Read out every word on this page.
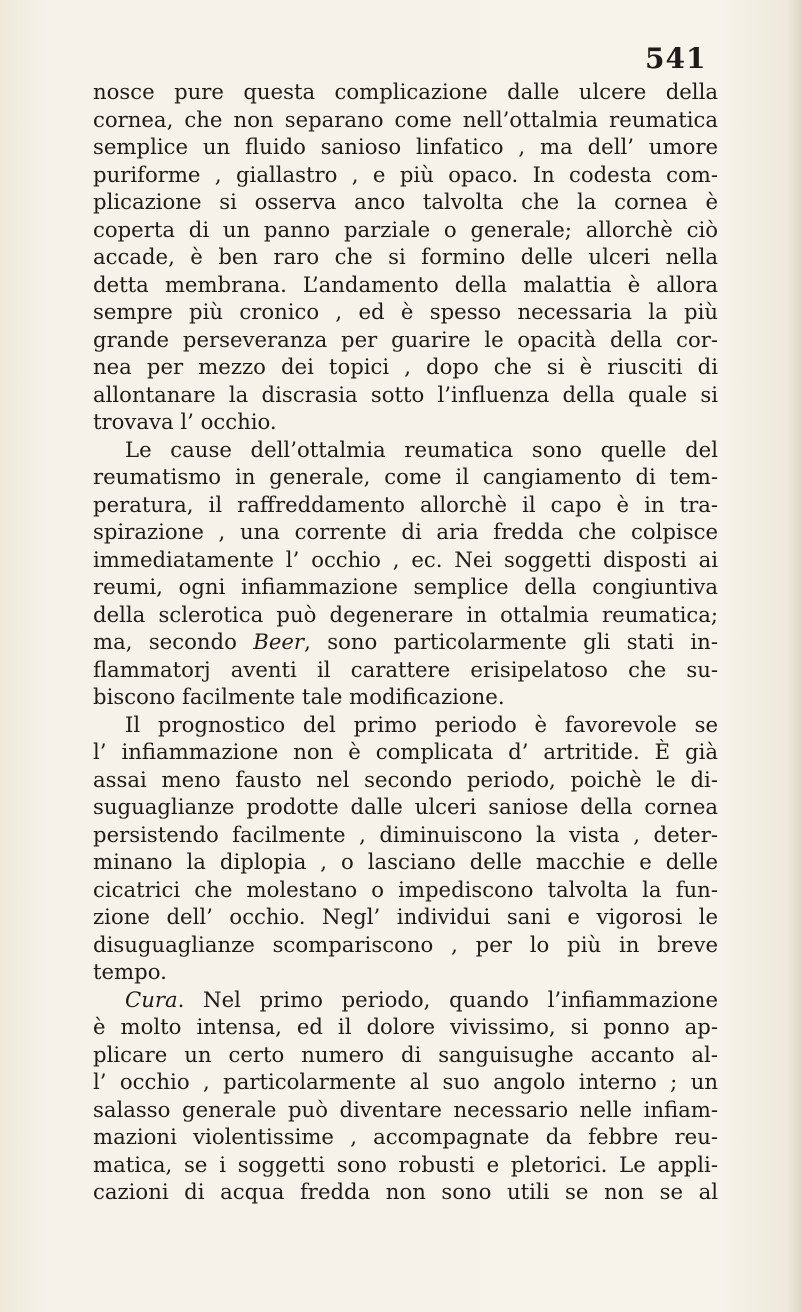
541
nosce pure questa complicazione dalle ulcere della
cornea, che non separano come nell’ottalmia reumatica
semplice un fluido sanioso linfatico , ma dell’ umore
puriforme , giallastro , e più opaco. In codesta com-
plicazione si osserva anco talvolta che la cornea è
coperta di un panno parziale o generale; allorchè ciò
accade, è ben raro che si formino delle ulceri nella
detta membrana. L’andamento della malattia è allora
sempre più cronico , ed è spesso necessaria la più
grande perseveranza per guarire le opacità della cor-
nea per mezzo dei topici , dopo che si è riusciti di
allontanare la discrasia sotto l’influenza della quale si
trovava l’ occhio.
Le cause dell’ottalmia reumatica sono quelle del
reumatismo in generale, come il cangiamento di tem-
peratura, il raffreddamento allorchè il capo è in tra-
spirazione , una corrente di aria fredda che colpisce
immediatamente l’ occhio , ec. Nei soggetti disposti ai
reumi, ogni infiammazione semplice della congiuntiva
della sclerotica può degenerare in ottalmia reumatica;
ma, secondo Beer, sono particolarmente gli stati in-
flammatorj aventi il carattere erisipelatoso che su-
biscono facilmente tale modificazione.
Il prognostico del primo periodo è favorevole se
l’ infiammazione non è complicata d’ artritide. È già
assai meno fausto nel secondo periodo, poichè le di-
suguaglianze prodotte dalle ulceri saniose della cornea
persistendo facilmente , diminuiscono la vista , deter-
minano la diplopia , o lasciano delle macchie e delle
cicatrici che molestano o impediscono talvolta la fun-
zione dell’ occhio. Negl’ individui sani e vigorosi le
disuguaglianze scompariscono , per lo più in breve
tempo.
Cura. Nel primo periodo, quando l’infiammazione
è molto intensa, ed il dolore vivissimo, si ponno ap-
plicare un certo numero di sanguisughe accanto al-
l’ occhio , particolarmente al suo angolo interno ; un
salasso generale può diventare necessario nelle infiam-
mazioni violentissime , accompagnate da febbre reu-
matica, se i soggetti sono robusti e pletorici. Le appli-
cazioni di acqua fredda non sono utili se non se al
